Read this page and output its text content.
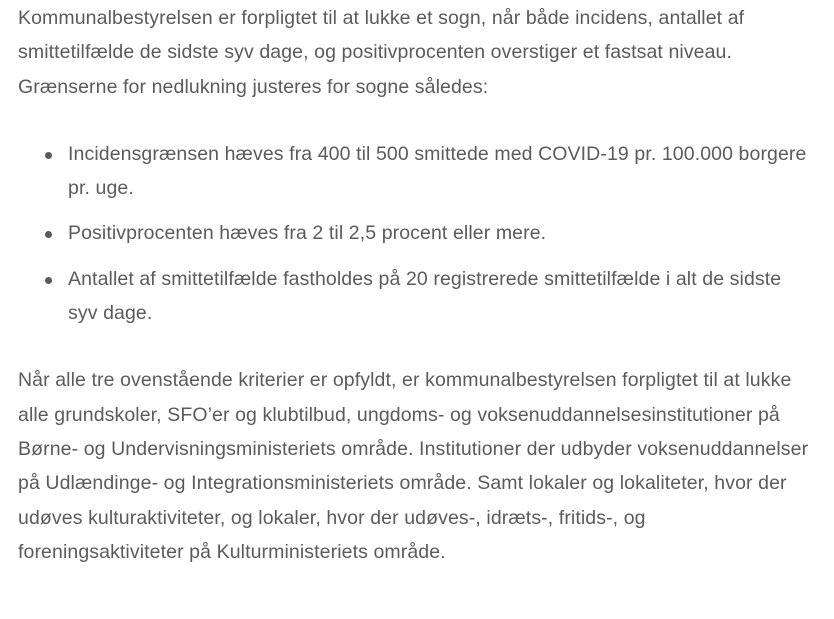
Kommunalbestyrelsen er forpligtet til at lukke et sogn, når både incidens, antallet af smittetilfælde de sidste syv dage, og positivprocenten overstiger et fastsat niveau. Grænserne for nedlukning justeres for sogne således:

Incidensgrænsen hæves fra 400 til 500 smittede med COVID-19 pr. 100.000 borgere pr. uge.
Positivprocenten hæves fra 2 til 2,5 procent eller mere.
Antallet af smittetilfælde fastholdes på 20 registrerede smittetilfælde i alt de sidste syv dage.

Når alle tre ovenstående kriterier er opfyldt, er kommunalbestyrelsen forpligtet til at lukke alle grundskoler, SFO’er og klubtilbud, ungdoms- og voksenuddannelsesinstitutioner på Børne- og Undervisningsministeriets område. Institutioner der udbyder voksenuddannelser på Udlændinge- og Integrationsministeriets område. Samt lokaler og lokaliteter, hvor der udøves kulturaktiviteter, og lokaler, hvor der udøves-, idræts-, fritids-, og foreningsaktiviteter på Kulturministeriets område.
